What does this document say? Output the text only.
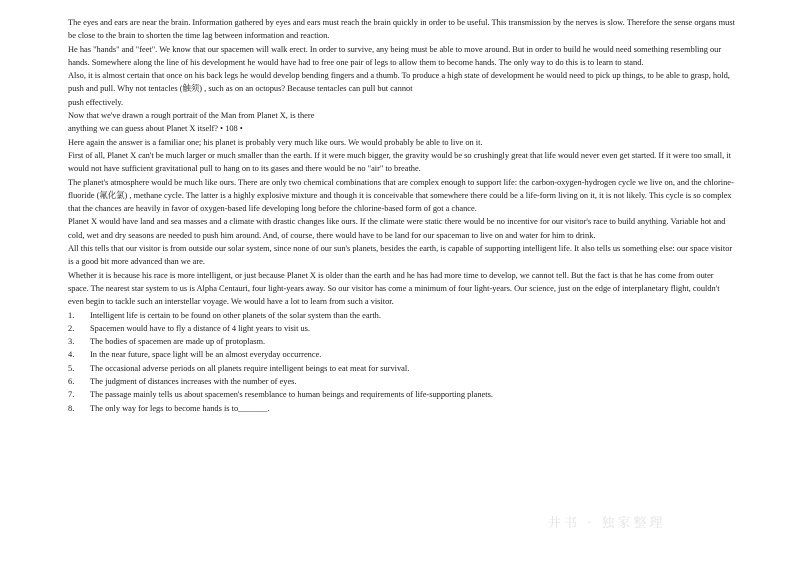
The eyes and ears are near the brain. Information gathered by eyes and ears must reach the brain quickly in order to be useful. This transmission by the nerves is slow. Therefore the sense organs must be close to the brain to shorten the time lag between information and reaction.

He has "hands" and "feet". We know that our spacemen will walk erect. In order to survive, any being must be able to move around. But in order to build he would need something resembling our hands. Somewhere along the line of his development he would have had to free one pair of legs to allow them to become hands. The only way to do this is to learn to stand.

Also, it is almost certain that once on his back legs he would develop bending fingers and a thumb. To produce a high state of development he would need to pick up things, to be able to grasp, hold, push and pull. Why not tentacles (触须) , such as on an octopus? Because tentacles can pull but cannot

push effectively.

Now that we've drawn a rough portrait of the Man from Planet X, is there

anything we can guess about Planet X itself? • 108 •

Here again the answer is a familiar one; his planet is probably very much like ours. We would probably be able to live on it.

First of all, Planet X can't be much larger or much smaller than the earth. If it were much bigger, the gravity would be so crushingly great that life would never even get started. If it were too small, it would not have sufficient gravitational pull to hang on to its gases and there would be no "air" to breathe.

The planet's atmosphere would be much like ours. There are only two chemical combinations that are complex enough to support life: the carbon-oxygen-hydrogen cycle we live on, and the chlorine-fluoride (氟化氯) , methane cycle. The latter is a highly explosive mixture and though it is conceivable that somewhere there could be a life-form living on it, it is not likely. This cycle is so complex that the chances are heavily in favor of oxygen-based life developing long before the chlorine-based form of got a chance.

Planet X would have land and sea masses and a climate with drastic changes like ours. If the climate were static there would be no incentive for our visitor's race to build anything. Variable hot and cold, wet and dry seasons are needed to push him around. And, of course, there would have to be land for our spaceman to live on and water for him to drink.

All this tells that our visitor is from outside our solar system, since none of our sun's planets, besides the earth, is capable of supporting intelligent life. It also tells us something else: our space visitor is a good bit more advanced than we are.

Whether it is because his race is more intelligent, or just because Planet X is older than the earth and he has had more time to develop, we cannot tell. But the fact is that he has come from outer space. The nearest star system to us is Alpha Centauri, four light-years away. So our visitor has come a minimum of four light-years. Our science, just on the edge of interplanetary flight, couldn't even begin to tackle such an interstellar voyage. We would have a lot to learn from such a visitor.

1.	Intelligent life is certain to be found on other planets of the solar system than the earth.
2.	Spacemen would have to fly a distance of 4 light years to visit us.
3.	The bodies of spacemen are made up of protoplasm.
4.	In the near future, space light will be an almost everyday occurrence.
5.	The occasional adverse periods on all planets require intelligent beings to eat meat for survival.
6.	The judgment of distances increases with the number of eyes.
7.	The passage mainly tells us about spacemen's resemblance to human beings and requirements of life-supporting planets.
8.	The only way for legs to become hands is to_______.
井书 · 独家整理
